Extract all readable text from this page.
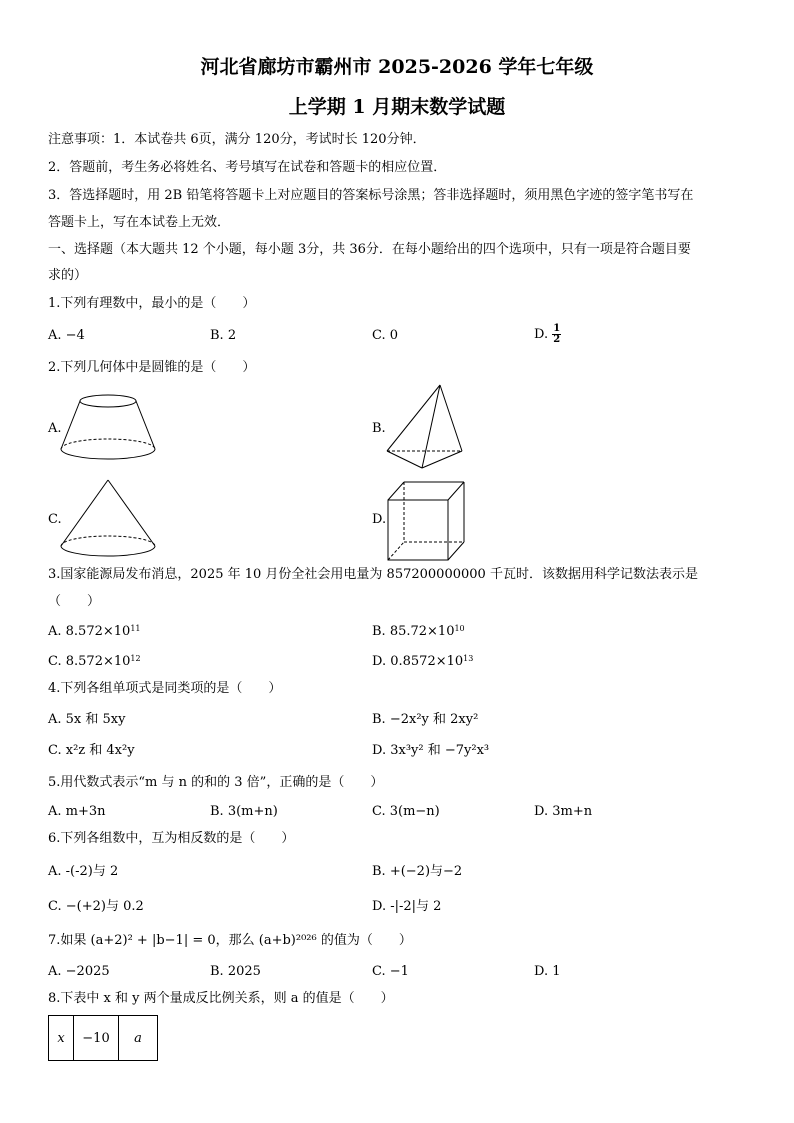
河北省廊坊市霸州市 2025-2026 学年七年级
上学期 1 月期末数学试题
注意事项：1．本试卷共 6页，满分 120分，考试时长 120分钟．
2．答题前，考生务必将姓名、考号填写在试卷和答题卡的相应位置．
3．答选择题时，用 2B 铅笔将答题卡上对应题目的答案标号涂黑；答非选择题时，须用黑色字迹的签字笔书写在
答题卡上，写在本试卷上无效．
一、选择题（本大题共 12 个小题，每小题 3分，共 36分．在每小题给出的四个选项中，只有一项是符合题目要
求的）
1.下列有理数中，最小的是（　　）
A. −4	B. 2	C. 0	D. $\frac{1}{2}$
2.下列几何体中是圆锥的是（　　）
A.	B.
C.	D.
3.国家能源局发布消息，2025 年 10 月份全社会用电量为 857200000000 千瓦时．该数据用科学记数法表示是
（　　）
A. $8.572\times 10^{11}$	B. $85.72\times 10^{10}$
C. $8.572\times 10^{12}$	D. $0.8572\times 10^{13}$
4.下列各组单项式是同类项的是（　　）
A. 5x 和 5xy	B. −2x²y 和 2xy²
C. x²z 和 4x²y	D. 3x³y² 和 −7y²x³
5.用代数式表示“m 与 n 的和的 3 倍”，正确的是（　　）
A. m+3n	B. 3(m+n)	C. 3(m−n)	D. 3m+n
6.下列各组数中，互为相反数的是（　　）
A. -(-2)与 2	B. +(−2)与−2
C. −(+2)与 0.2	D. -|-2|与 2
7.如果 (a+2)² + |b−1| = 0，那么 (a+b)²⁰²⁶ 的值为（　　）
A. −2025	B. 2025	C. −1	D. 1
8.下表中 x 和 y 两个量成反比例关系，则 a 的值是（　　）
x	−10	a
